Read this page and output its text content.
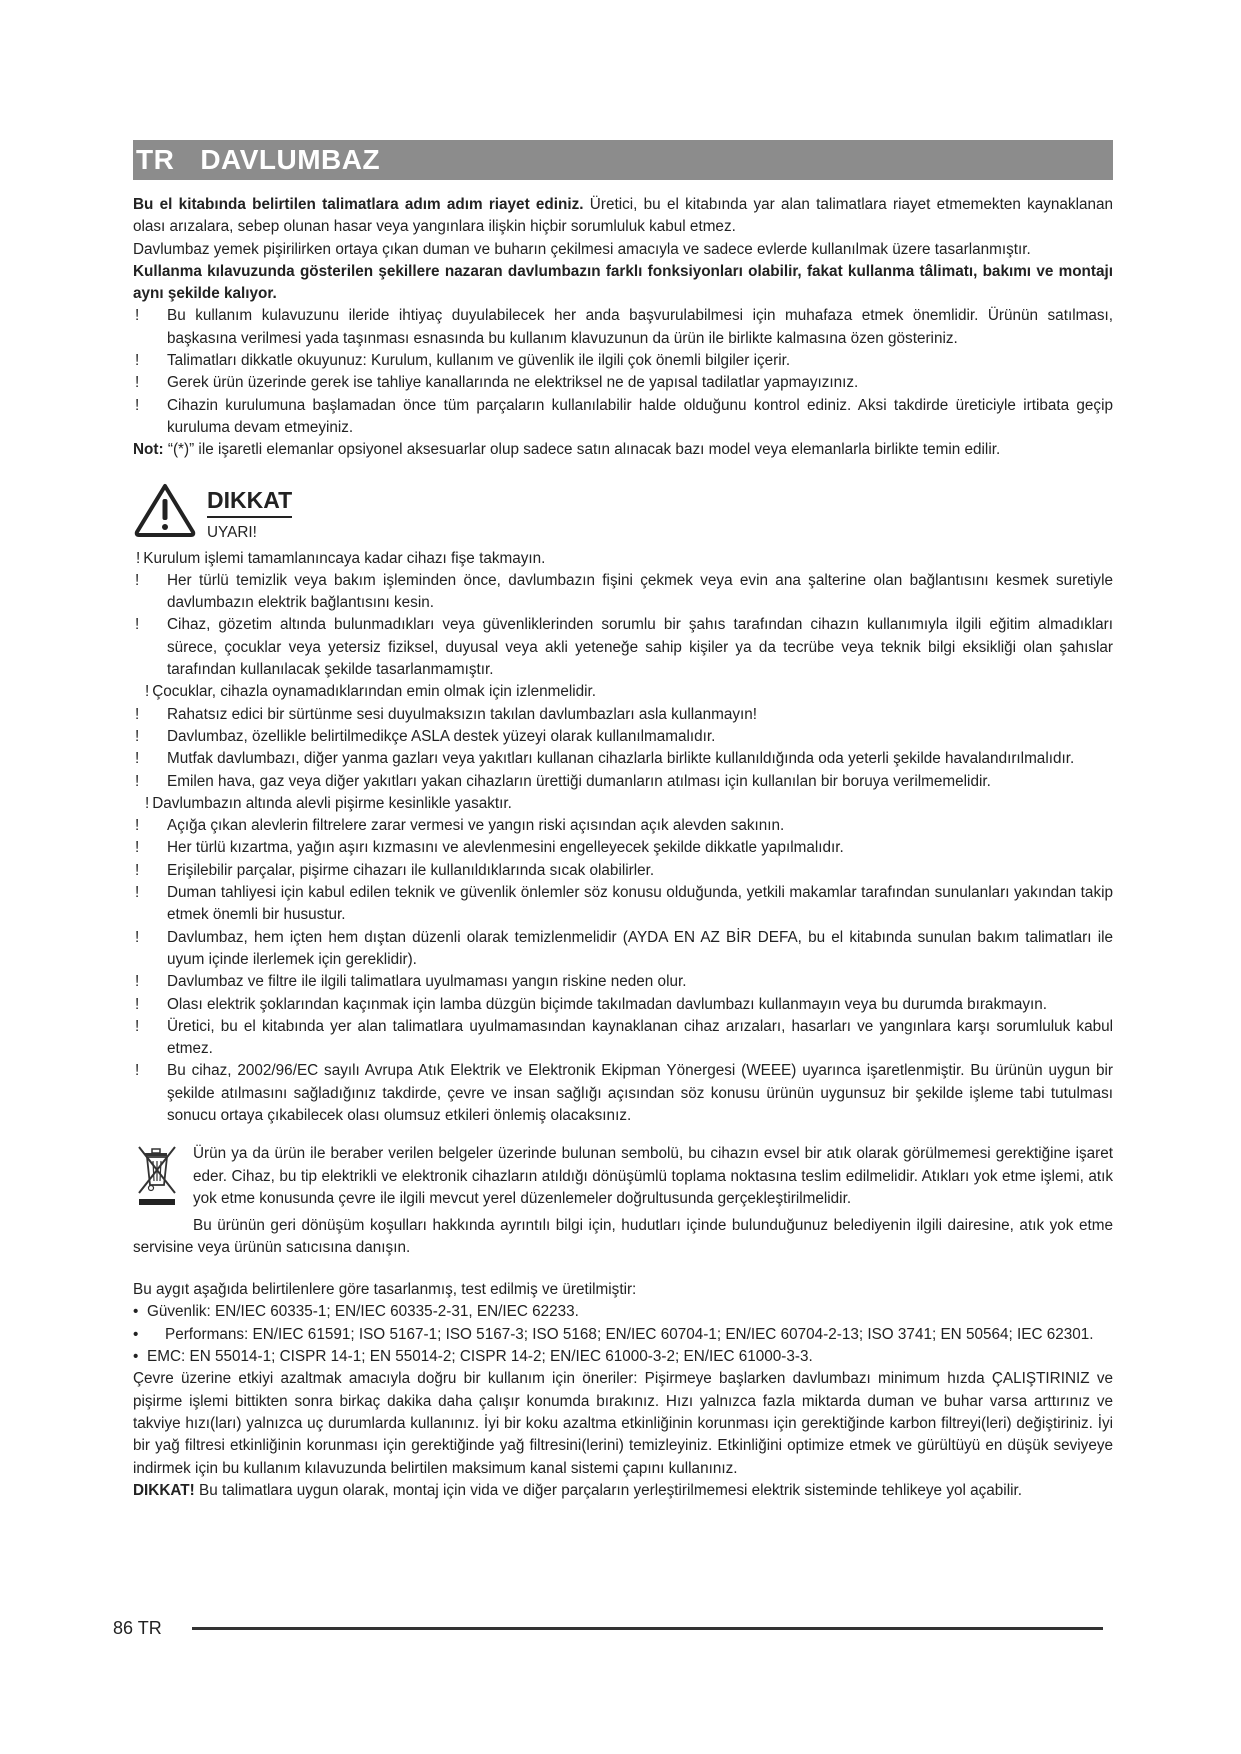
TR DAVLUMBAZ

Bu el kitabında belirtilen talimatlara adım adım riayet ediniz. Üretici, bu el kitabında yar alan talimatlara riayet etmemekten kaynaklanan olası arızalara, sebep olunan hasar veya yangınlara ilişkin hiçbir sorumluluk kabul etmez.

Davlumbaz yemek pişirilirken ortaya çıkan duman ve buharın çekilmesi amacıyla ve sadece evlerde kullanılmak üzere tasarlanmıştır.

Kullanma kılavuzunda gösterilen şekillere nazaran davlumbazın farklı fonksiyonları olabilir, fakat kullanma tâlimatı, bakımı ve montajı aynı şekilde kalıyor.

!	Bu kullanım kulavuzunu ileride ihtiyaç duyulabilecek her anda başvurulabilmesi için muhafaza etmek önemlidir. Ürünün satılması, başkasına verilmesi yada taşınması esnasında bu kullanım klavuzunun da ürün ile birlikte kalmasına özen gösteriniz.
!	Talimatları dikkatle okuyunuz: Kurulum, kullanım ve güvenlik ile ilgili çok önemli bilgiler içerir.
!	Gerek ürün üzerinde gerek ise tahliye kanallarında ne elektriksel ne de yapısal tadilatlar yapmayızınız.
!	Cihazin kurulumuna başlamadan önce tüm parçaların kullanılabilir halde olduğunu kontrol ediniz. Aksi takdirde üreticiyle irtibata geçip kuruluma devam etmeyiniz.

Not: “(*)” ile işaretli elemanlar opsiyonel aksesuarlar olup sadece satın alınacak bazı model veya elemanlarla birlikte temin edilir.

DIKKAT
UYARI!
! Kurulum işlemi tamamlanıncaya kadar cihazı fişe takmayın.
!	Her türlü temizlik veya bakım işleminden önce, davlumbazın fişini çekmek veya evin ana şalterine olan bağlantısını kesmek suretiyle davlumbazın elektrik bağlantısını kesin.
!	Cihaz, gözetim altında bulunmadıkları veya güvenliklerinden sorumlu bir şahıs tarafından cihazın kullanımıyla ilgili eğitim almadıkları sürece, çocuklar veya yetersiz fiziksel, duyusal veya akli yeteneğe sahip kişiler ya da tecrübe veya teknik bilgi eksikliği olan şahıslar tarafından kullanılacak şekilde tasarlanmamıştır.
! Çocuklar, cihazla oynamadıklarından emin olmak için izlenmelidir.
!	Rahatsız edici bir sürtünme sesi duyulmaksızın takılan davlumbazları asla kullanmayın!
!	Davlumbaz, özellikle belirtilmedikçe ASLA destek yüzeyi olarak kullanılmamalıdır.
!	Mutfak davlumbazı, diğer yanma gazları veya yakıtları kullanan cihazlarla birlikte kullanıldığında oda yeterli şekilde havalandırılmalıdır.
!	Emilen hava, gaz veya diğer yakıtları yakan cihazların ürettiği dumanların atılması için kullanılan bir boruya verilmemelidir.
! Davlumbazın altında alevli pişirme kesinlikle yasaktır.
!	Açığa çıkan alevlerin filtrelere zarar vermesi ve yangın riski açısından açık alevden sakının.
!	Her türlü kızartma, yağın aşırı kızmasını ve alevlenmesini engelleyecek şekilde dikkatle yapılmalıdır.
!	Erişilebilir parçalar, pişirme cihazarı ile kullanıldıklarında sıcak olabilirler.
!	Duman tahliyesi için kabul edilen teknik ve güvenlik önlemler söz konusu olduğunda, yetkili makamlar tarafından sunulanları yakından takip etmek önemli bir husustur.
!	Davlumbaz, hem içten hem dıştan düzenli olarak temizlenmelidir (AYDA EN AZ BİR DEFA, bu el kitabında sunulan bakım talimatları ile uyum içinde ilerlemek için gereklidir).
!	Davlumbaz ve filtre ile ilgili talimatlara uyulmaması yangın riskine neden olur.
!	Olası elektrik şoklarından kaçınmak için lamba düzgün biçimde takılmadan davlumbazı kullanmayın veya bu durumda bırakmayın.
!	Üretici, bu el kitabında yer alan talimatlara uyulmamasından kaynaklanan cihaz arızaları, hasarları ve yangınlara karşı sorumluluk kabul etmez.
!	Bu cihaz, 2002/96/EC sayılı Avrupa Atık Elektrik ve Elektronik Ekipman Yönergesi (WEEE) uyarınca işaretlenmiştir. Bu ürünün uygun bir şekilde atılmasını sağladığınız takdirde, çevre ve insan sağlığı açısından söz konusu ürünün uygunsuz bir şekilde işleme tabi tutulması sonucu ortaya çıkabilecek olası olumsuz etkileri önlemiş olacaksınız.

Ürün ya da ürün ile beraber verilen belgeler üzerinde bulunan sembolü, bu cihazın evsel bir atık olarak görülmemesi gerektiğine işaret eder. Cihaz, bu tip elektrikli ve elektronik cihazların atıldığı dönüşümlü toplama noktasına teslim edilmelidir. Atıkları yok etme işlemi, atık yok etme konusunda çevre ile ilgili mevcut yerel düzenlemeler doğrultusunda gerçekleştirilmelidir.

Bu ürünün geri dönüşüm koşulları hakkında ayrıntılı bilgi için, hudutları içinde bulunduğunuz belediyenin ilgili dairesine, atık yok etme servisine veya ürünün satıcısına danışın.

Bu aygıt aşağıda belirtilenlere göre tasarlanmış, test edilmiş ve üretilmiştir:

• Güvenlik: EN/IEC 60335-1; EN/IEC 60335-2-31, EN/IEC 62233.
•	Performans: EN/IEC 61591; ISO 5167-1; ISO 5167-3; ISO 5168; EN/IEC 60704-1; EN/IEC 60704-2-13; ISO 3741; EN 50564; IEC 62301.
• EMC: EN 55014-1; CISPR 14-1; EN 55014-2; CISPR 14-2; EN/IEC 61000-3-2; EN/IEC 61000-3-3.

Çevre üzerine etkiyi azaltmak amacıyla doğru bir kullanım için öneriler: Pişirmeye başlarken davlumbazı minimum hızda ÇALIŞTIRINIZ ve pişirme işlemi bittikten sonra birkaç dakika daha çalışır konumda bırakınız. Hızı yalnızca fazla miktarda duman ve buhar varsa arttırınız ve takviye hızı(ları) yalnızca uç durumlarda kullanınız. İyi bir koku azaltma etkinliğinin korunması için gerektiğinde karbon filtreyi(leri) değiştiriniz. İyi bir yağ filtresi etkinliğinin korunması için gerektiğinde yağ filtresini(lerini) temizleyiniz. Etkinliğini optimize etmek ve gürültüyü en düşük seviyeye indirmek için bu kullanım kılavuzunda belirtilen maksimum kanal sistemi çapını kullanınız.

DIKKAT! Bu talimatlara uygun olarak, montaj için vida ve diğer parçaların yerleştirilmemesi elektrik sisteminde tehlikeye yol açabilir.

86 TR
